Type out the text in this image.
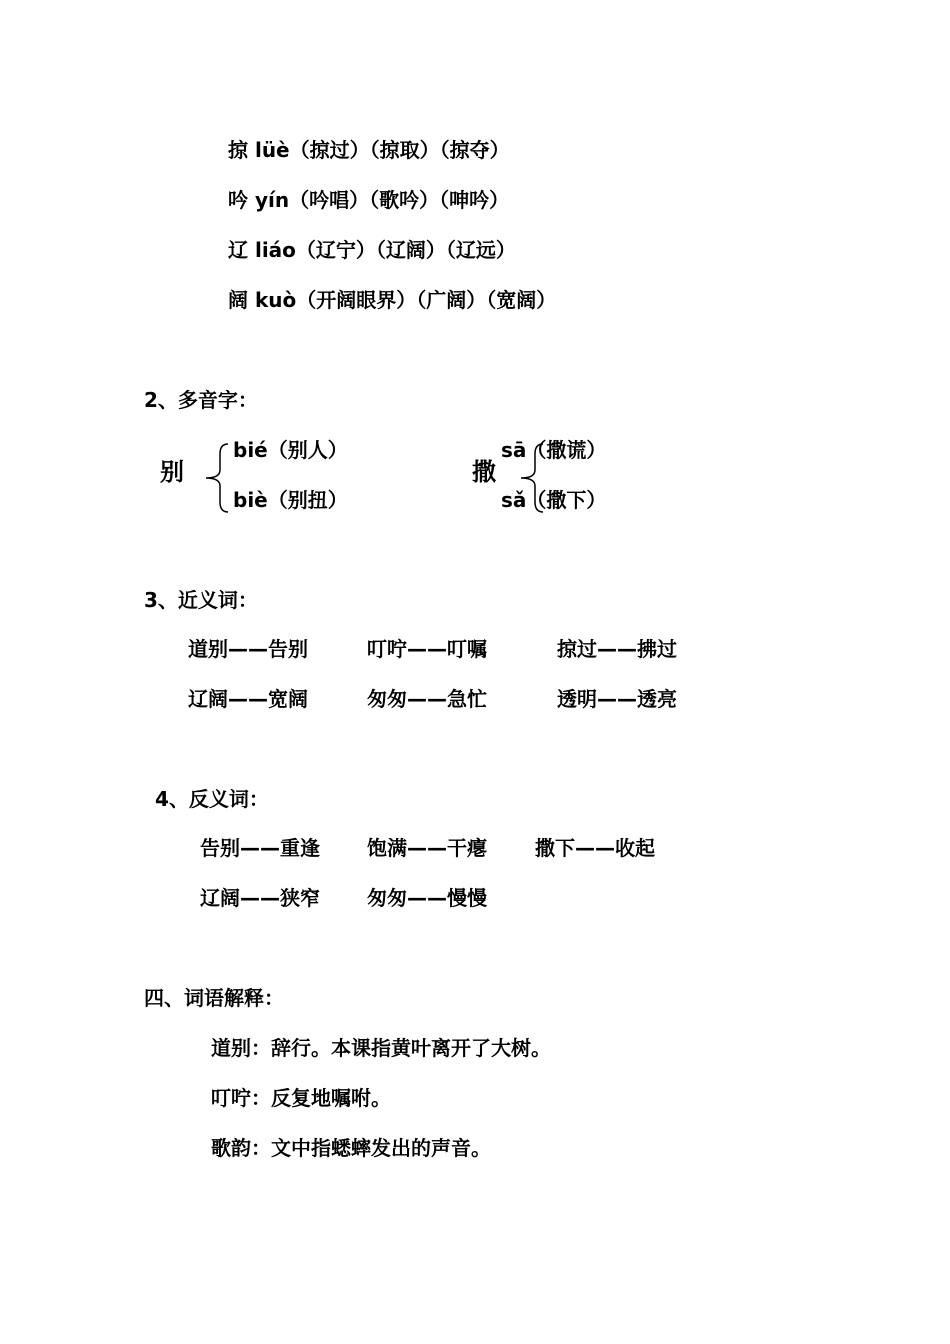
掠 lüè（掠过）（掠取）（掠夺）
吟 yín（吟唱）（歌吟）（呻吟）
辽 liáo（辽宁）（辽阔）（辽远）
阔 kuò（开阔眼界）（广阔）（宽阔）
2、多音字：
别
bié（别人）
biè（别扭）
撒
sā（撒谎）
sǎ（撒下）
3、近义词：
道别——告别	叮咛——叮嘱	掠过——拂过
辽阔——宽阔	匆匆——急忙	透明——透亮
4、反义词：
告别——重逢 饱满——干瘪 撒下——收起
辽阔——狭窄 匆匆——慢慢
四、词语解释：
道别：辞行。本课指黄叶离开了大树。
叮咛：反复地嘱咐。
歌韵：文中指蟋蟀发出的声音。
